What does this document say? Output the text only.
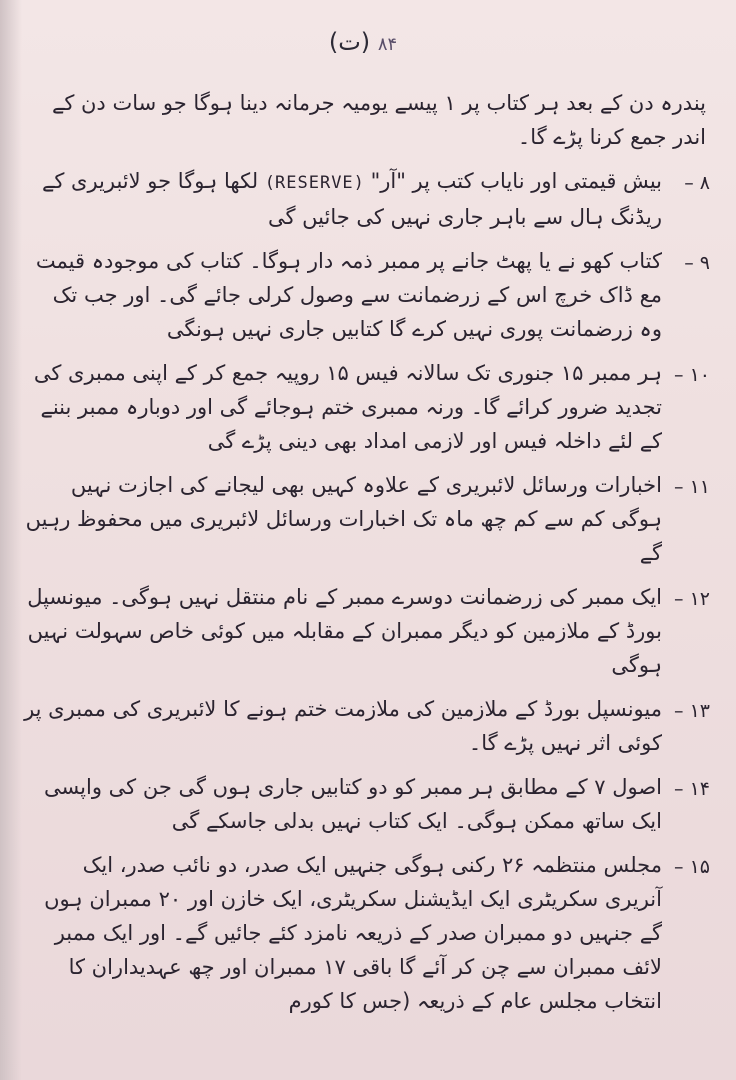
(ت) ۸۴
پندرہ دن کے بعد ہر کتاب پر ۱ پیسے یومیہ جرمانہ دینا ہوگا جو سات دن کے اندر جمع کرنا پڑے گا۔
۸ –
بیش قیمتی اور نایاب کتب پر "آر" (RESERVE) لکھا ہوگا جو لائبریری کے ریڈنگ ہال سے باہر جاری نہیں کی جائیں گی
۹ –
کتاب کھو نے یا پھٹ جانے پر ممبر ذمہ دار ہوگا۔ کتاب کی موجودہ قیمت مع ڈاک خرچ اس کے زرضمانت سے وصول کرلی جائے گی۔ اور جب تک وہ زرضمانت پوری نہیں کرے گا کتابیں جاری نہیں ہونگی
۱۰ –
ہر ممبر ۱۵ جنوری تک سالانہ فیس ۱۵ روپیہ جمع کر کے اپنی ممبری کی تجدید ضرور کرائے گا۔ ورنہ ممبری ختم ہوجائے گی اور دوبارہ ممبر بننے کے لئے داخلہ فیس اور لازمی امداد بھی دینی پڑے گی
۱۱ –
اخبارات ورسائل لائبریری کے علاوہ کہیں بھی لیجانے کی اجازت نہیں ہوگی کم سے کم چھ ماہ تک اخبارات ورسائل لائبریری میں محفوظ رہیں گے
۱۲ –
ایک ممبر کی زرضمانت دوسرے ممبر کے نام منتقل نہیں ہوگی۔ میونسپل بورڈ کے ملازمین کو دیگر ممبران کے مقابلہ میں کوئی خاص سہولت نہیں ہوگی
۱۳ –
میونسپل بورڈ کے ملازمین کی ملازمت ختم ہونے کا لائبریری کی ممبری پر کوئی اثر نہیں پڑے گا۔
۱۴ –
اصول ۷ کے مطابق ہر ممبر کو دو کتابیں جاری ہوں گی جن کی واپسی ایک ساتھ ممکن ہوگی۔ ایک کتاب نہیں بدلی جاسکے گی
۱۵ –
مجلس منتظمہ ۲۶ رکنی ہوگی جنہیں ایک صدر، دو نائب صدر، ایک آنریری سکریٹری ایک ایڈیشنل سکریٹری، ایک خازن اور ۲۰ ممبران ہوں گے جنہیں دو ممبران صدر کے ذریعہ نامزد کئے جائیں گے۔ اور ایک ممبر لائف ممبران سے چن کر آئے گا باقی ۱۷ ممبران اور چھ عہدیداران کا انتخاب مجلس عام کے ذریعہ (جس کا کورم
